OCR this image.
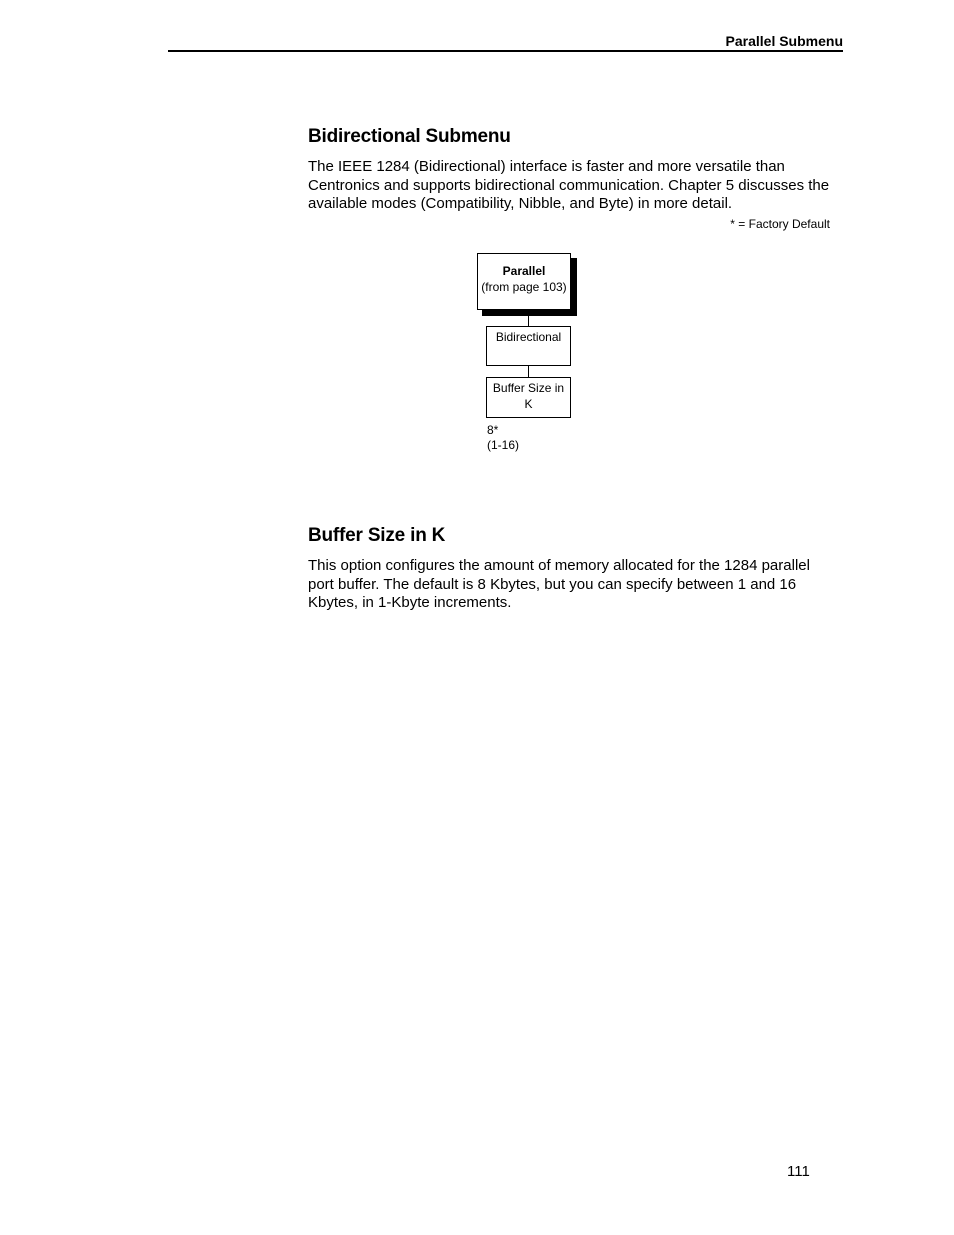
Parallel Submenu
Bidirectional Submenu

The IEEE 1284 (Bidirectional) interface is faster and more versatile than Centronics and supports bidirectional communication. Chapter 5 discusses the available modes (Compatibility, Nibble, and Byte) in more detail.

* = Factory Default
Parallel
(from page 103)
Bidirectional
Buffer Size in
K
8*
(1-16)
Buffer Size in K

This option configures the amount of memory allocated for the 1284 parallel port buffer. The default is 8 Kbytes, but you can specify between 1 and 16 Kbytes, in 1-Kbyte increments.

111
